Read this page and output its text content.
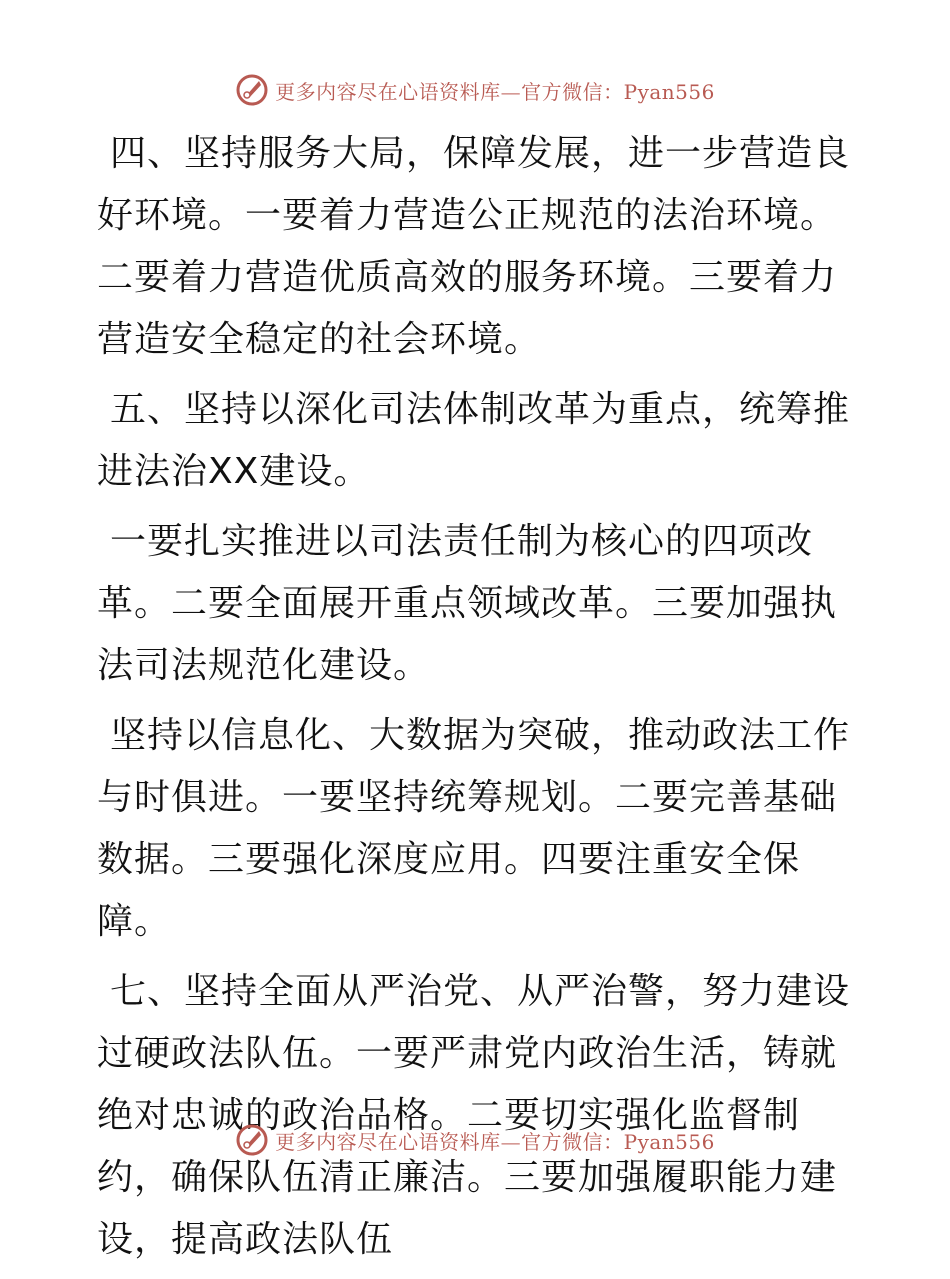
更多内容尽在心语资料库—官方微信：Pyan556

四、坚持服务大局，保障发展，进一步营造良好环境。一要着力营造公正规范的法治环境。二要着力营造优质高效的服务环境。三要着力营造安全稳定的社会环境。

五、坚持以深化司法体制改革为重点，统筹推进法治XX建设。

一要扎实推进以司法责任制为核心的四项改革。二要全面展开重点领域改革。三要加强执法司法规范化建设。

坚持以信息化、大数据为突破，推动政法工作与时俱进。一要坚持统筹规划。二要完善基础数据。三要强化深度应用。四要注重安全保障。

七、坚持全面从严治党、从严治警，努力建设过硬政法队伍。一要严肃党内政治生活，铸就绝对忠诚的政治品格。二要切实强化监督制约，确保队伍清正廉洁。三要加强履职能力建设，提高政法队伍

更多内容尽在心语资料库—官方微信：Pyan556
